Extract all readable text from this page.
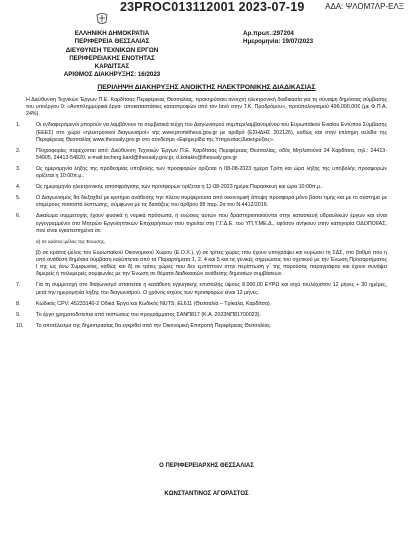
23PROC013112001 2023-07-19	ΑΔΑ: ΨΛΟΜ7ΛΡ-ΕΛΞ
ΕΛΛΗΝΙΚΗ ΔΗΜΟΚΡΑΤΙΑ
ΠΕΡΙΦΕΡΕΙΑ ΘΕΣΣΑΛΙΑΣ
ΔΙΕΥΘΥΝΣΗ ΤΕΧΝΙΚΩΝ ΕΡΓΩΝ
ΠΕΡΙΦΕΡΕΙΑΚΗΣ ΕΝΟΤΗΤΑΣ ΚΑΡΔΙΤΣΑΣ
ΑΡΙΘΜΟΣ ΔΙΑΚΗΡΥΞΗΣ: 16/2023
Αρ.πρωτ.:297204
Ημερομηνία: 19/07/2023
ΠΕΡΙΛΗΨΗ ΔΙΑΚΗΡΥΞΗΣ ΑΝΟΙΚΤΗΣ ΗΛΕΚΤΡΟΝΙΚΗΣ ΔΙΑΔΙΚΑΣΙΑΣ

Η Διεύθυνση Τεχνικών Έργων Π.Ε. Καρδίτσας Περιφέρειας Θεσσαλίας, προκηρύσσει ανοιχτή ηλεκτρονική διαδικασία για τη σύναψη δημόσιας σύμβασης του υποέργου 9: «Αντιπλημμυρικά έργα- αποκαταστάσεις καταστροφών από τον Ιανό στην Τ.Κ. Προδρόμου», προϋπολογισμού 496.000,00€ (με Φ.Π.Α. 24%).

1.	Οι ενδιαφερόμενοι μπορούν να λαμβάνουν τα συμβατικά τεύχη του Διαγωνισμού συμπεριλαμβανομένου του Ευρωπαϊκού Ενιαίου Εντύπου Σύμβασης (ΕΕΕΣ) στο χώρο «ηλεκτρονικοί διαγωνισμοί» της www.promitheus.gov.gr με αριθμό (ΕΣΗΔΗΣ 202126), καθώς και στην επίσημη σελίδα της Περιφέρειας Θεσσαλίας www.thessaly.gov.gr στο σύνδεσμο «Εφημερίδα της Υπηρεσίας/Διακηρύξεις».

2.	Πληροφορίες παρέχονται από: Διεύθυνση Τεχνικών Έργων Π.Ε. Καρδίτσας Περιφέρειας Θεσσαλίας, οδός Μητλατούνα 24 Καρδίτσα, τηλ.: 24413-54905, 24413-54920, e-mail:techerg.kard@thessaly.gov.gr, d.kotakis@thessaly.gov.gr

3.	Ως ημερομηνία λήξης της προθεσμίας υποβολής των προσφορών ορίζεται η 08-08-2023 ημέρα Τρίτη και ώρα λήξης της υποβολής προσφορών ορίζεται η 10:00π.μ..

4.	Ως ημερομηνία ηλεκτρονικής αποσφράγισης των προσφορών ορίζεται η 11-08-2023 ημέρα Παρασκευή και ώρα 10:00π.μ..

5.	Ο Διαγωνισμός θα διεξαχθεί με κριτήριο ανάθεσης την πλέον συμφέρουσα από οικονομική άποψη προσφορά μόνο βάσει τιμής και με το σύστημα με επιμέρους ποσοστά έκπτωσης, σύμφωνα με τις διατάξεις του άρθρου 95 παρ. 2α του Ν.4412/2016.

6.	Δικαίωμα συμμετοχής έχουν φυσικά ή νομικά πρόσωπα, ή ενώσεις αυτών που δραστηριοποιούνται στην κατασκευή υδραυλικών έργων και είναι εγγεγραμμένοι στο Μητρώο Εργοληπτικών Επιχειρήσεων που τηρείται στη Γ.Γ.Δ.Ε. του ΥΠ.Υ.ΜΕ.Δ., εφόσον ανήκουν στην κατηγορία ΟΔΟΠΟΙΙΑΣ, που είναι εγκατεστημένα σε:

α) σε κράτος-μέλος της Ένωσης,

β) σε κράτος-μέλος του Ευρωπαϊκού Οικονομικού Χώρου (Ε.Ο.Χ.), γ) σε τρίτες χώρες που έχουν υπογράψει και κυρώσει τη ΣΔΣ, στο βαθμό που η υπό ανάθεση δημόσια σύμβαση καλύπτεται από τα Παραρτήματα 1, 2, 4 και 5 και τις γενικές σημειώσεις του σχετικού με την Ένωση Προσαρτήματος Ι της ως άνω Συμφωνίας, καθώς και δ) σε τρίτες χώρες που δεν εμπίπτουν στην περίπτωση γ΄ της παρούσας παραγράφου και έχουν συνάψει διμερείς ή πολυμερείς συμφωνίες με την Ένωση σε θέματα διαδικασιών ανάθεσης δημοσίων συμβάσεων.

7.	Για τη συμμετοχή στο διαγωνισμό απαιτείται η κατάθεση εγγυητικής επιστολής ύψους 8.000,00 ΕΥΡΩ και ισχύ τουλάχιστον 12 μήνες + 30 ημέρες, μετά την ημερομηνία λήξης του διαγωνισμού. Ο χρόνος ισχύος των προσφορών είναι 12 μήνες.

8.	Κωδικός CPV: 45233140-2 Οδικά Έργα και Κωδικός NUTS: EL611 (Θεσσαλία – Τρίκαλα, Καρδίτσα).

9.	Το έργο χρηματοδοτείται από πιστώσεις του προγράμματος ΣΑΝΠ817 (Κ.Α. 2023ΝΠ81700023).

10. Το αποτέλεσμα της δημοπρασίας θα εγκριθεί από την Οικονομική Επιτροπή Περιφέρειας Θεσσαλίας.

Ο ΠΕΡΙΦΕΡΕΙΑΡΧΗΣ ΘΕΣΣΑΛΙΑΣ
ΚΩΝΣΤΑΝΤΙΝΟΣ ΑΓΟΡΑΣΤΟΣ
